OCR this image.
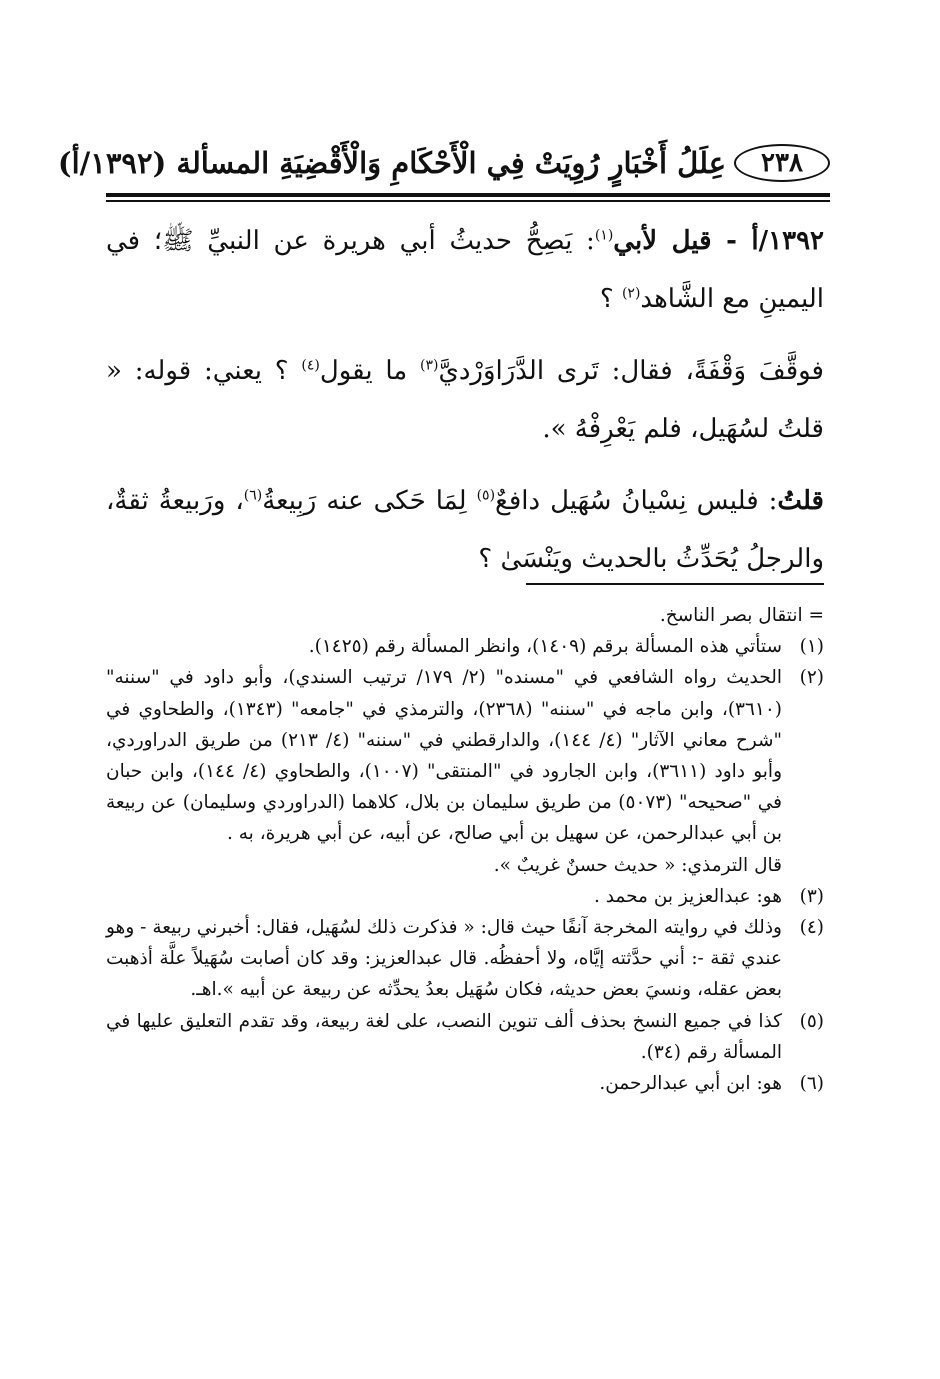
٢٣٨
عِلَلُ أَخْبَارٍ رُوِيَتْ فِي الْأَحْكَامِ وَالْأَقْضِيَةِ المسألة (١٣٩٢/أ)

١٣٩٢/أ - قيل لأبي$^{(١)}$: يَصِحُّ حديثُ أبي هريرة عن النبيِّ ﷺ؛ في اليمينِ مع الشَّاهد$^{(٢)}$ ؟

فوقَّفَ وَقْفَةً، فقال: تَرى الدَّرَاوَرْديَّ$^{(٣)}$ ما يقول$^{(٤)}$ ؟ يعني: قوله: « قلتُ لسُهَيل، فلم يَعْرِفْهُ ».

قلتُ: فليس نِسْيانُ سُهَيل دافعٌ$^{(٥)}$ لِمَا حَكى عنه رَبِيعةُ$^{(٦)}$، ورَبيعةُ ثقةٌ، والرجلُ يُحَدِّثُ بالحديث ويَنْسَىٰ ؟

= انتقال بصر الناسخ.

(١)
ستأتي هذه المسألة برقم (١٤٠٩)، وانظر المسألة رقم (١٤٢٥).

(٢)
الحديث رواه الشافعي في "مسنده" (٢/ ١٧٩/ ترتيب السندي)، وأبو داود في "سننه" (٣٦١٠)، وابن ماجه في "سننه" (٢٣٦٨)، والترمذي في "جامعه" (١٣٤٣)، والطحاوي في "شرح معاني الآثار" (٤/ ١٤٤)، والدارقطني في "سننه" (٤/ ٢١٣) من طريق الدراوردي، وأبو داود (٣٦١١)، وابن الجارود في "المنتقى" (١٠٠٧)، والطحاوي (٤/ ١٤٤)، وابن حبان في "صحيحه" (٥٠٧٣) من طريق سليمان بن بلال، كلاهما (الدراوردي وسليمان) عن ربيعة بن أبي عبدالرحمن، عن سهيل بن أبي صالح، عن أبيه، عن أبي هريرة، به .

قال الترمذي: « حديث حسنٌ غريبٌ ».

(٣)
هو: عبدالعزيز بن محمد .

(٤)
وذلك في روايته المخرجة آنفًا حيث قال: « فذكرت ذلك لسُهَيل، فقال: أخبرني ربيعة - وهو عندي ثقة -: أني حدَّثته إيَّاه، ولا أحفظُه. قال عبدالعزيز: وقد كان أصابت سُهَيلاً علَّة أذهبت بعض عقله، ونسيَ بعض حديثه، فكان سُهَيل بعدُ يحدِّثه عن ربيعة عن أبيه ».اهـ.

(٥)
كذا في جميع النسخ بحذف ألف تنوين النصب، على لغة ربيعة، وقد تقدم التعليق عليها في المسألة رقم (٣٤).

(٦)
هو: ابن أبي عبدالرحمن.
